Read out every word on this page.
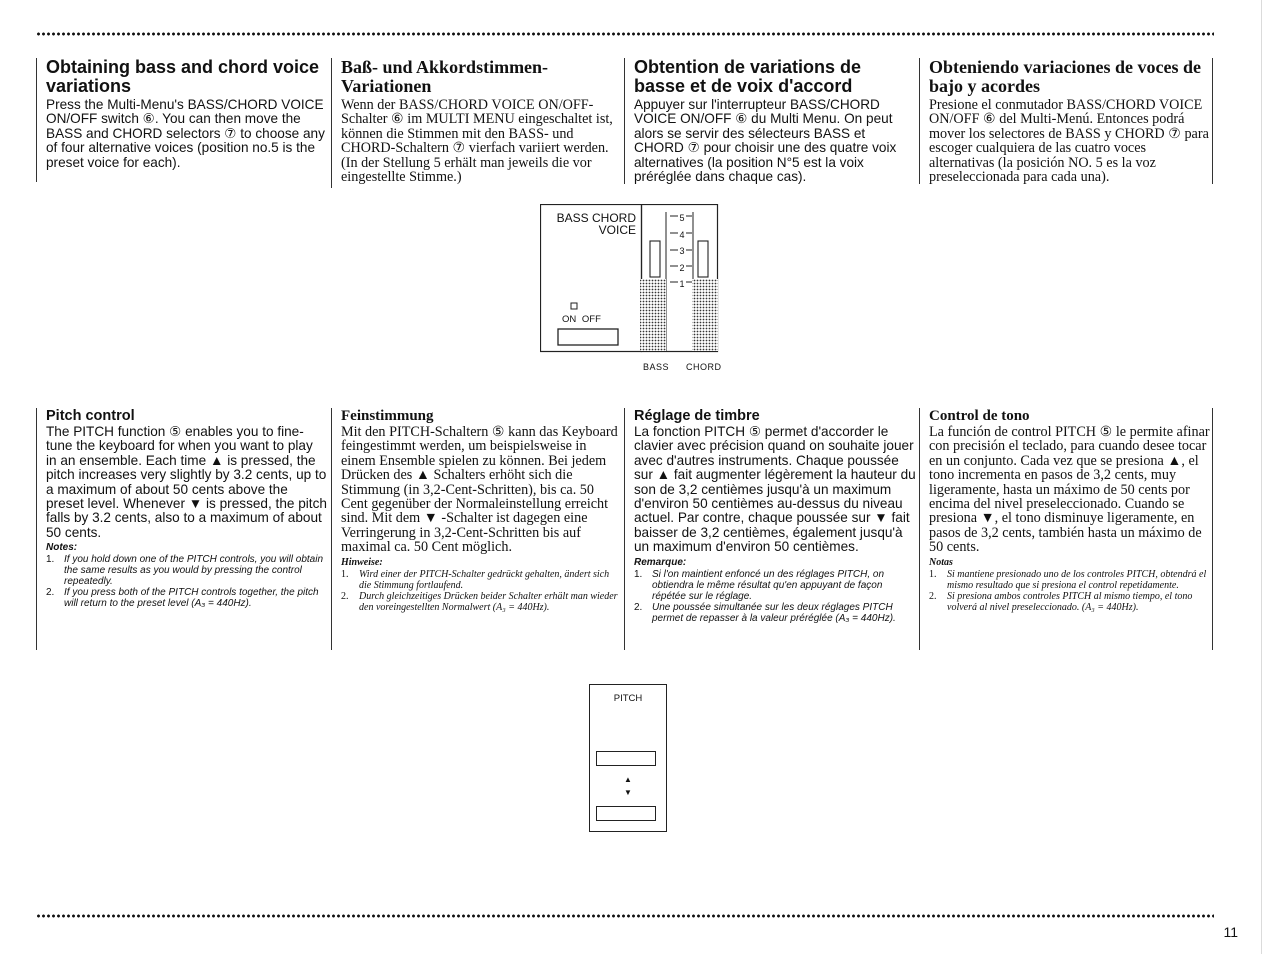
Obtaining bass and chord voice variations

Press the Multi-Menu's BASS/CHORD VOICE ON/OFF switch ⑥. You can then move the BASS and CHORD selectors ⑦ to choose any of four alternative voices (position no.5 is the preset voice for each).

Baß- und Akkordstimmen-Variationen

Wenn der BASS/CHORD VOICE ON/OFF-Schalter ⑥ im MULTI MENU eingeschaltet ist, können die Stimmen mit den BASS- und CHORD-Schaltern ⑦ vierfach variiert werden. (In der Stellung 5 erhält man jeweils die vor eingestellte Stimme.)

Obtention de variations de basse et de voix d'accord

Appuyer sur l'interrupteur BASS/CHORD VOICE ON/OFF ⑥ du Multi Menu. On peut alors se servir des sélecteurs BASS et CHORD ⑦ pour choisir une des quatre voix alternatives (la position N°5 est la voix préréglée dans chaque cas).

Obteniendo variaciones de voces de bajo y acordes

Presione el conmutador BASS/CHORD VOICE ON/OFF ⑥ del Multi-Menú. Entonces podrá mover los selectores de BASS y CHORD ⑦ para escoger cualquiera de las cuatro voces alternativas (la posición NO. 5 es la voz preseleccionada para cada una).

BASS CHORD
VOICE
5
4
3
2
1
ON OFF
BASS CHORD
Pitch control

The PITCH function ⑤ enables you to fine-tune the keyboard for when you want to play in an ensemble. Each time ▲ is pressed, the pitch increases very slightly by 3.2 cents, up to a maximum of about 50 cents above the preset level. Whenever ▼ is pressed, the pitch falls by 3.2 cents, also to a maximum of about 50 cents.

Notes:

1. If you hold down one of the PITCH controls, you will obtain the same results as you would by pressing the control repeatedly.
2. If you press both of the PITCH controls together, the pitch will return to the preset level (A₃ = 440Hz).
Feinstimmung

Mit den PITCH-Schaltern ⑤ kann das Keyboard feingestimmt werden, um beispielsweise in einem Ensemble spielen zu können. Bei jedem Drücken des ▲ Schalters erhöht sich die Stimmung (in 3,2-Cent-Schritten), bis ca. 50 Cent gegenüber der Normaleinstellung erreicht sind. Mit dem ▼ -Schalter ist dagegen eine Verringerung in 3,2-Cent-Schritten bis auf maximal ca. 50 Cent möglich.

Hinweise:

1. Wird einer der PITCH-Schalter gedrückt gehalten, ändert sich die Stimmung fortlaufend.
2. Durch gleichzeitiges Drücken beider Schalter erhält man wieder den voreingestellten Normalwert (A₃ = 440Hz).
Réglage de timbre

La fonction PITCH ⑤ permet d'accorder le clavier avec précision quand on souhaite jouer avec d'autres instruments. Chaque poussée sur ▲ fait augmenter légèrement la hauteur du son de 3,2 centièmes jusqu'à un maximum d'environ 50 centièmes au-dessus du niveau actuel. Par contre, chaque poussée sur ▼ fait baisser de 3,2 centièmes, également jusqu'à un maximum d'environ 50 centièmes.

Remarque:

1. Si l'on maintient enfoncé un des réglages PITCH, on obtiendra le même résultat qu'en appuyant de façon répétée sur le réglage.
2. Une poussée simultanée sur les deux réglages PITCH permet de repasser à la valeur préréglée (A₃ = 440Hz).
Control de tono

La función de control PITCH ⑤ le permite afinar con precisión el teclado, para cuando desee tocar en un conjunto. Cada vez que se presiona ▲, el tono incrementa en pasos de 3,2 cents, muy ligeramente, hasta un máximo de 50 cents por encima del nivel preseleccionado. Cuando se presiona ▼, el tono disminuye ligeramente, en pasos de 3,2 cents, también hasta un máximo de 50 cents.

Notas

1. Si mantiene presionado uno de los controles PITCH, obtendrá el mismo resultado que si presiona el control repetidamente.
2. Si presiona ambos controles PITCH al mismo tiempo, el tono volverá al nivel preseleccionado. (A₃ = 440Hz).
PITCH
▲
▼
11
